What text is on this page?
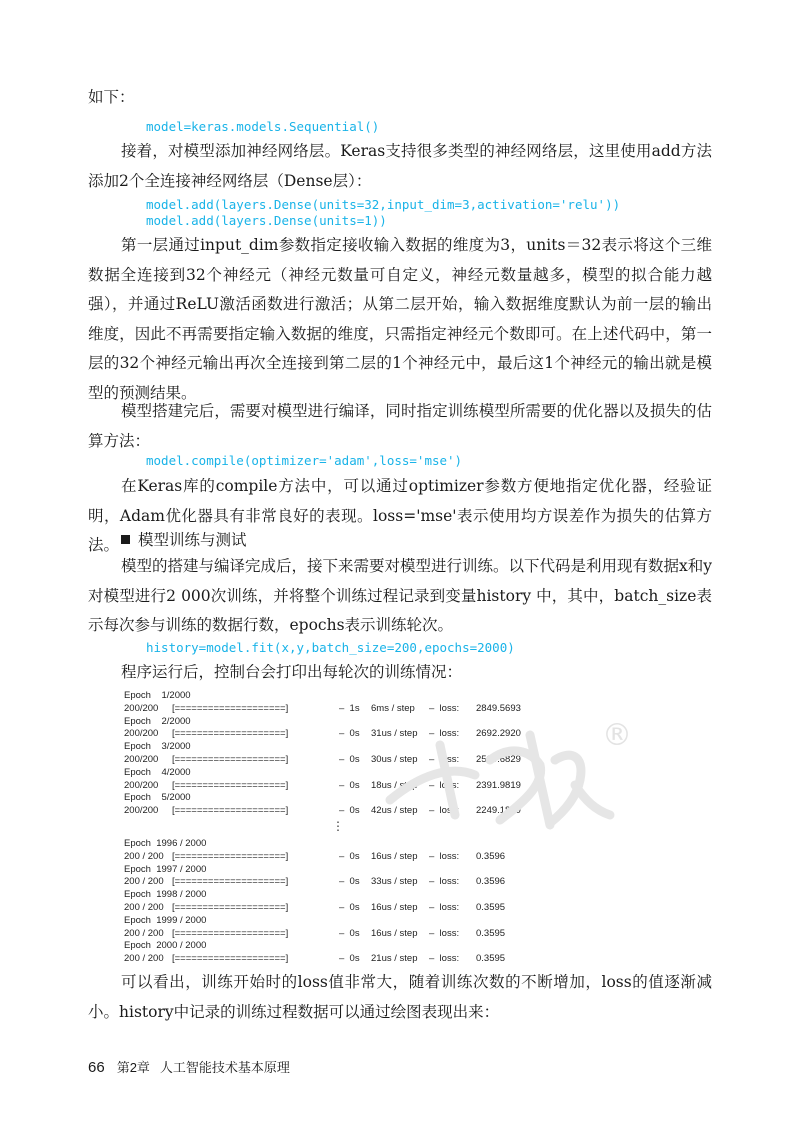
如下：

model=keras.models.Sequential()

接着，对模型添加神经网络层。Keras支持很多类型的神经网络层，这里使用add方法添加2个全连接神经网络层（Dense层）：

model.add(layers.Dense(units=32,input_dim=3,activation='relu'))
model.add(layers.Dense(units=1))

第一层通过input_dim参数指定接收输入数据的维度为3，units＝32表示将这个三维数据全连接到32个神经元（神经元数量可自定义，神经元数量越多，模型的拟合能力越强），并通过ReLU激活函数进行激活；从第二层开始，输入数据维度默认为前一层的输出维度，因此不再需要指定输入数据的维度，只需指定神经元个数即可。在上述代码中，第一层的32个神经元输出再次全连接到第二层的1个神经元中，最后这1个神经元的输出就是模型的预测结果。

模型搭建完后，需要对模型进行编译，同时指定训练模型所需要的优化器以及损失的估算方法：

model.compile(optimizer='adam',loss='mse')

在Keras库的compile方法中，可以通过optimizer参数方便地指定优化器，经验证明，Adam优化器具有非常良好的表现。loss='mse'表示使用均方误差作为损失的估算方法。	模型训练与测试

模型的搭建与编译完成后，接下来需要对模型进行训练。以下代码是利用现有数据x和y对模型进行2 000次训练，并将整个训练过程记录到变量history 中，其中，batch_size表示每次参与训练的数据行数，epochs表示训练轮次。

history=model.fit(x,y,batch_size=200,epochs=2000)

程序运行后，控制台会打印出每轮次的训练情况：

Epoch    1/2000
200/200 [====================]	–  1s 6ms / step –  loss: 2849.5693
Epoch    2/2000
200/200 [====================]	–  0s 31us / step –  loss: 2692.2920
Epoch    3/2000
200/200 [====================]	–  0s 30us / step –  loss: 2539.6829
Epoch    4/2000
200/200 [====================]	–  0s 18us / step –  loss: 2391.9819
Epoch    5/2000
200/200 [====================]	–  0s 42us / step –  loss: 2249.1899
⋮
Epoch  1996 / 2000
200 / 200 [====================]	–  0s 16us / step –  loss: 0.3596
Epoch  1997 / 2000
200 / 200 [====================]	–  0s 33us / step –  loss: 0.3596
Epoch  1998 / 2000
200 / 200 [====================]	–  0s 16us / step –  loss: 0.3595
Epoch  1999 / 2000
200 / 200 [====================]	–  0s 16us / step –  loss: 0.3595
Epoch  2000 / 2000
200 / 200 [====================]	–  0s 21us / step –  loss: 0.3595
®

可以看出，训练开始时的loss值非常大，随着训练次数的不断增加，loss的值逐渐减小。history中记录的训练过程数据可以通过绘图表现出来：

66 第2章 人工智能技术基本原理
